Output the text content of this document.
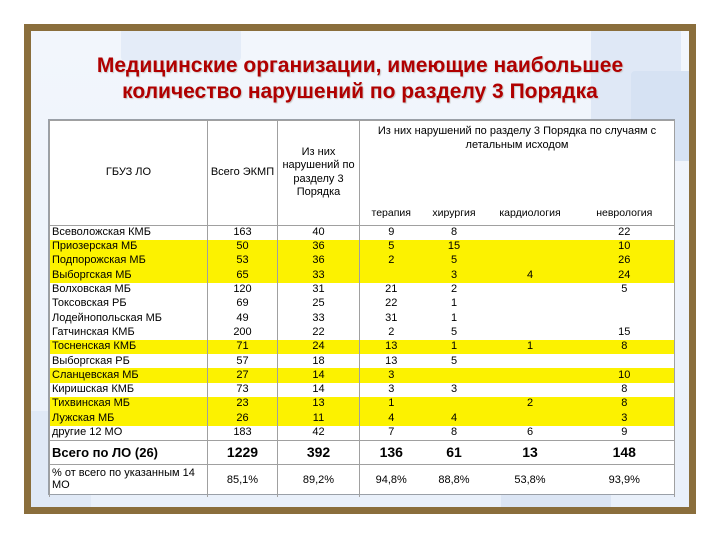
Медицинские организации, имеющие наибольшее
количество нарушений по разделу 3 Порядка
ГБУЗ ЛО	Всего ЭКМП	Из них нарушений по разделу 3 Порядка	Из них нарушений по разделу 3 Порядка по случаям с летальным исходом			
			терапия	хирургия	кардиология	неврология
Всеволожская КМБ	163	40	9	8		22
Приозерская МБ	50	36	5	15		10
Подпорожская МБ	53	36	2	5		26
Выборгская МБ	65	33		3	4	24
Волховская МБ	120	31	21	2		5
Токсовская РБ	69	25	22	1		
Лодейнопольская МБ	49	33	31	1		
Гатчинская КМБ	200	22	2	5		15
Тосненская КМБ	71	24	13	1	1	8
Выборгская РБ	57	18	13	5		
Сланцевская МБ	27	14	3			10
Киришская КМБ	73	14	3	3		8
Тихвинская МБ	23	13	1		2	8
Лужская МБ	26	11	4	4		3
другие 12 МО	183	42	7	8	6	9
Всего по ЛО (26)	1229	392	136	61	13	148
% от всего по указанным 14 МО	85,1%	89,2%	94,8%	88,8%	53,8%	93,9%
